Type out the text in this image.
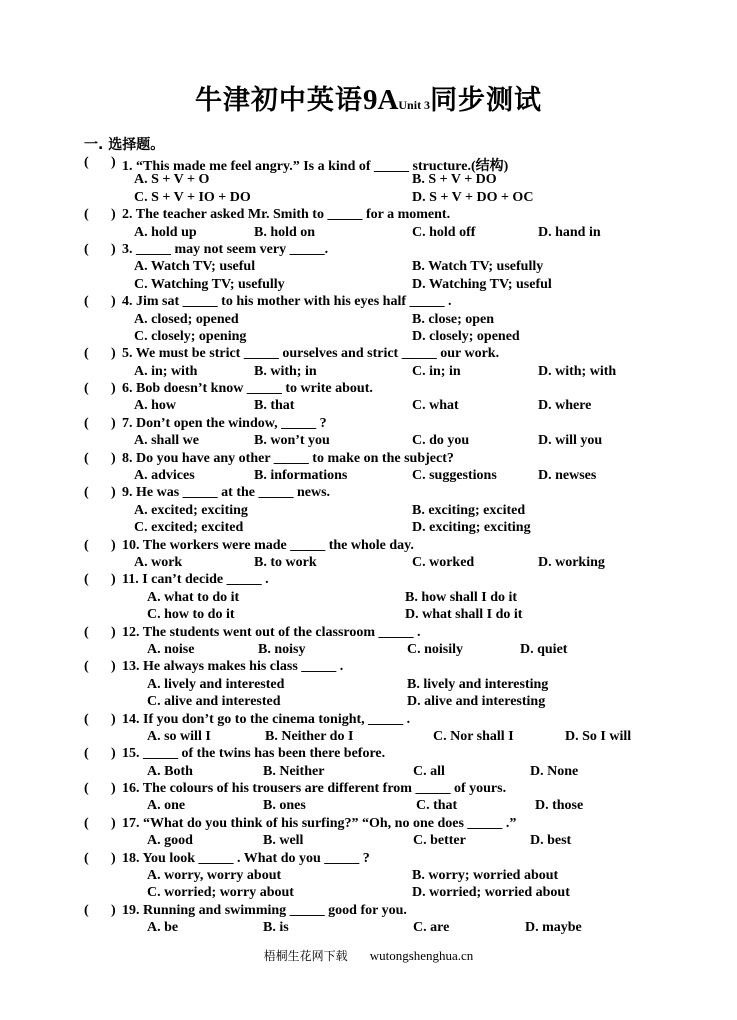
牛津初中英语9AUnit 3同步测试
一. 选择题。
( ) 1. “This made me feel angry.” Is a kind of _____ structure.(结构)
A. S + V + O	B. S + V + DO
C. S + V + IO + DO	D. S + V + DO + OC
( ) 2. The teacher asked Mr. Smith to _____ for a moment.
A. hold up	B. hold on	C. hold off	D. hand in
( ) 3. _____ may not seem very _____.
A. Watch TV; useful	B. Watch TV; usefully
C. Watching TV; usefully	D. Watching TV; useful
( ) 4. Jim sat _____ to his mother with his eyes half _____ .
A. closed; opened	B. close; open
C. closely; opening	D. closely; opened
( ) 5. We must be strict _____ ourselves and strict _____ our work.
A. in; with	B. with; in	C. in; in	D. with; with
( ) 6. Bob doesn’t know _____ to write about.
A. how	B. that	C. what	D. where
( ) 7. Don’t open the window, _____ ?
A. shall we	B. won’t you	C. do you	D. will you
( ) 8. Do you have any other _____ to make on the subject?
A. advices	B. informations	C. suggestions	D. newses
( ) 9. He was _____ at the _____ news.
A. excited; exciting	B. exciting; excited
C. excited; excited	D. exciting; exciting
( ) 10. The workers were made _____ the whole day.
A. work	B. to work	C. worked	D. working
( ) 11. I can’t decide _____ .
A. what to do it	B. how shall I do it
C. how to do it	D. what shall I do it
( ) 12. The students went out of the classroom _____ .
A. noise	B. noisy	C. noisily	D. quiet
( ) 13. He always makes his class _____ .
A. lively and interested	B. lively and interesting
C. alive and interested	D. alive and interesting
( ) 14. If you don’t go to the cinema tonight, _____ .
A. so will I	B. Neither do I	C. Nor shall I	D. So I will
( ) 15. _____ of the twins has been there before.
A. Both	B. Neither	C. all	D. None
( ) 16. The colours of his trousers are different from _____ of yours.
A. one	B. ones	C. that	D. those
( ) 17. “What do you think of his surfing?” “Oh, no one does _____ .”
A. good	B. well	C. better	D. best
( ) 18. You look _____ . What do you _____ ?
A. worry, worry about	B. worry; worried about
C. worried; worry about	D. worried; worried about
( ) 19. Running and swimming _____ good for you.
A. be	B. is	C. are	D. maybe
梧桐生花网下载 wutongshenghua.cn
